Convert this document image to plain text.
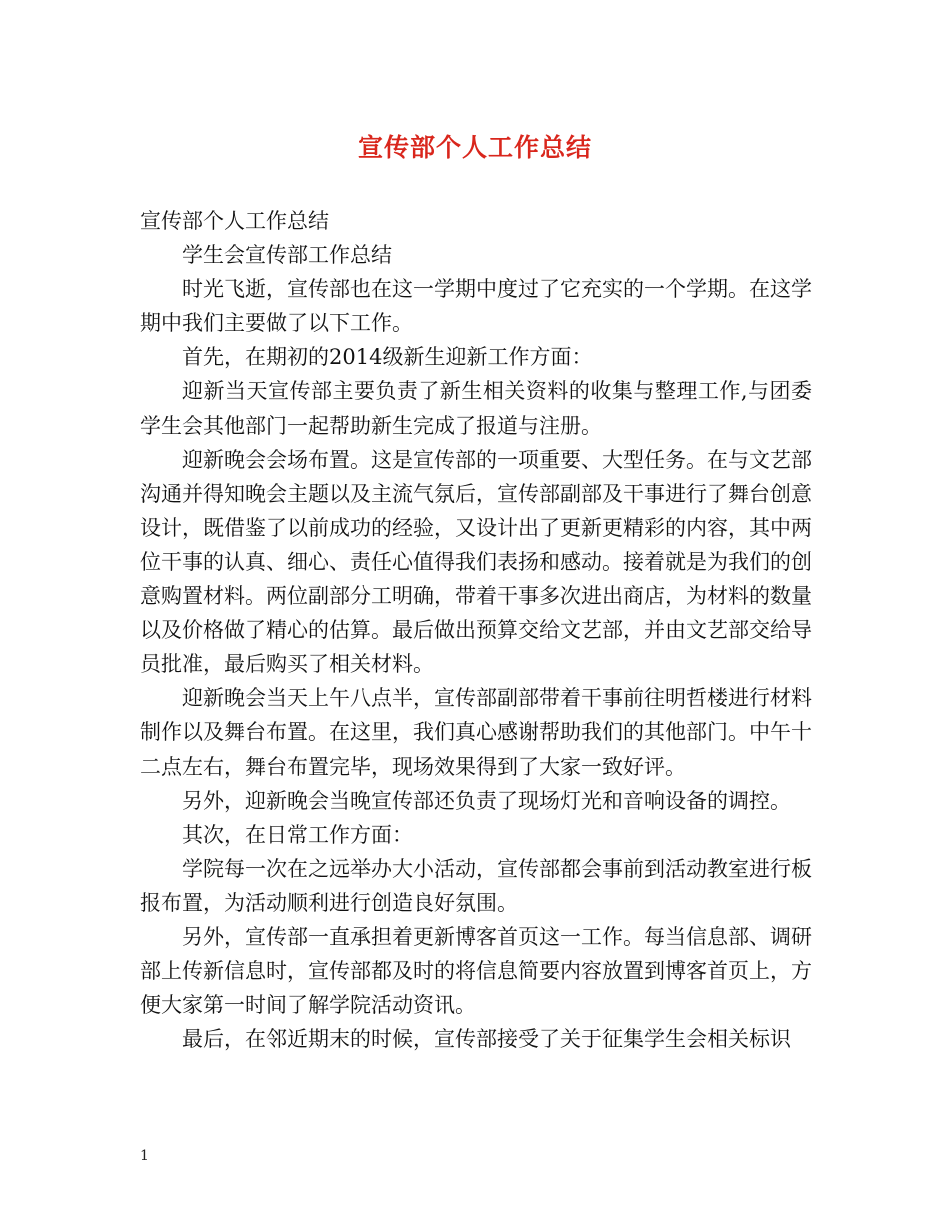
宣传部个人工作总结

宣传部个人工作总结

学生会宣传部工作总结

时光飞逝，宣传部也在这一学期中度过了它充实的一个学期。在这学期中我们主要做了以下工作。

首先，在期初的2014级新生迎新工作方面：

迎新当天宣传部主要负责了新生相关资料的收集与整理工作,与团委学生会其他部门一起帮助新生完成了报道与注册。

迎新晚会会场布置。这是宣传部的一项重要、大型任务。在与文艺部沟通并得知晚会主题以及主流气氛后，宣传部副部及干事进行了舞台创意设计，既借鉴了以前成功的经验，又设计出了更新更精彩的内容，其中两位干事的认真、细心、责任心值得我们表扬和感动。接着就是为我们的创意购置材料。两位副部分工明确，带着干事多次进出商店，为材料的数量以及价格做了精心的估算。最后做出预算交给文艺部，并由文艺部交给导员批准，最后购买了相关材料。

迎新晚会当天上午八点半，宣传部副部带着干事前往明哲楼进行材料制作以及舞台布置。在这里，我们真心感谢帮助我们的其他部门。中午十二点左右，舞台布置完毕，现场效果得到了大家一致好评。

另外，迎新晚会当晚宣传部还负责了现场灯光和音响设备的调控。

其次，在日常工作方面：

学院每一次在之远举办大小活动，宣传部都会事前到活动教室进行板报布置，为活动顺利进行创造良好氛围。

另外，宣传部一直承担着更新博客首页这一工作。每当信息部、调研部上传新信息时，宣传部都及时的将信息简要内容放置到博客首页上，方便大家第一时间了解学院活动资讯。

最后，在邻近期末的时候，宣传部接受了关于征集学生会相关标识

1
